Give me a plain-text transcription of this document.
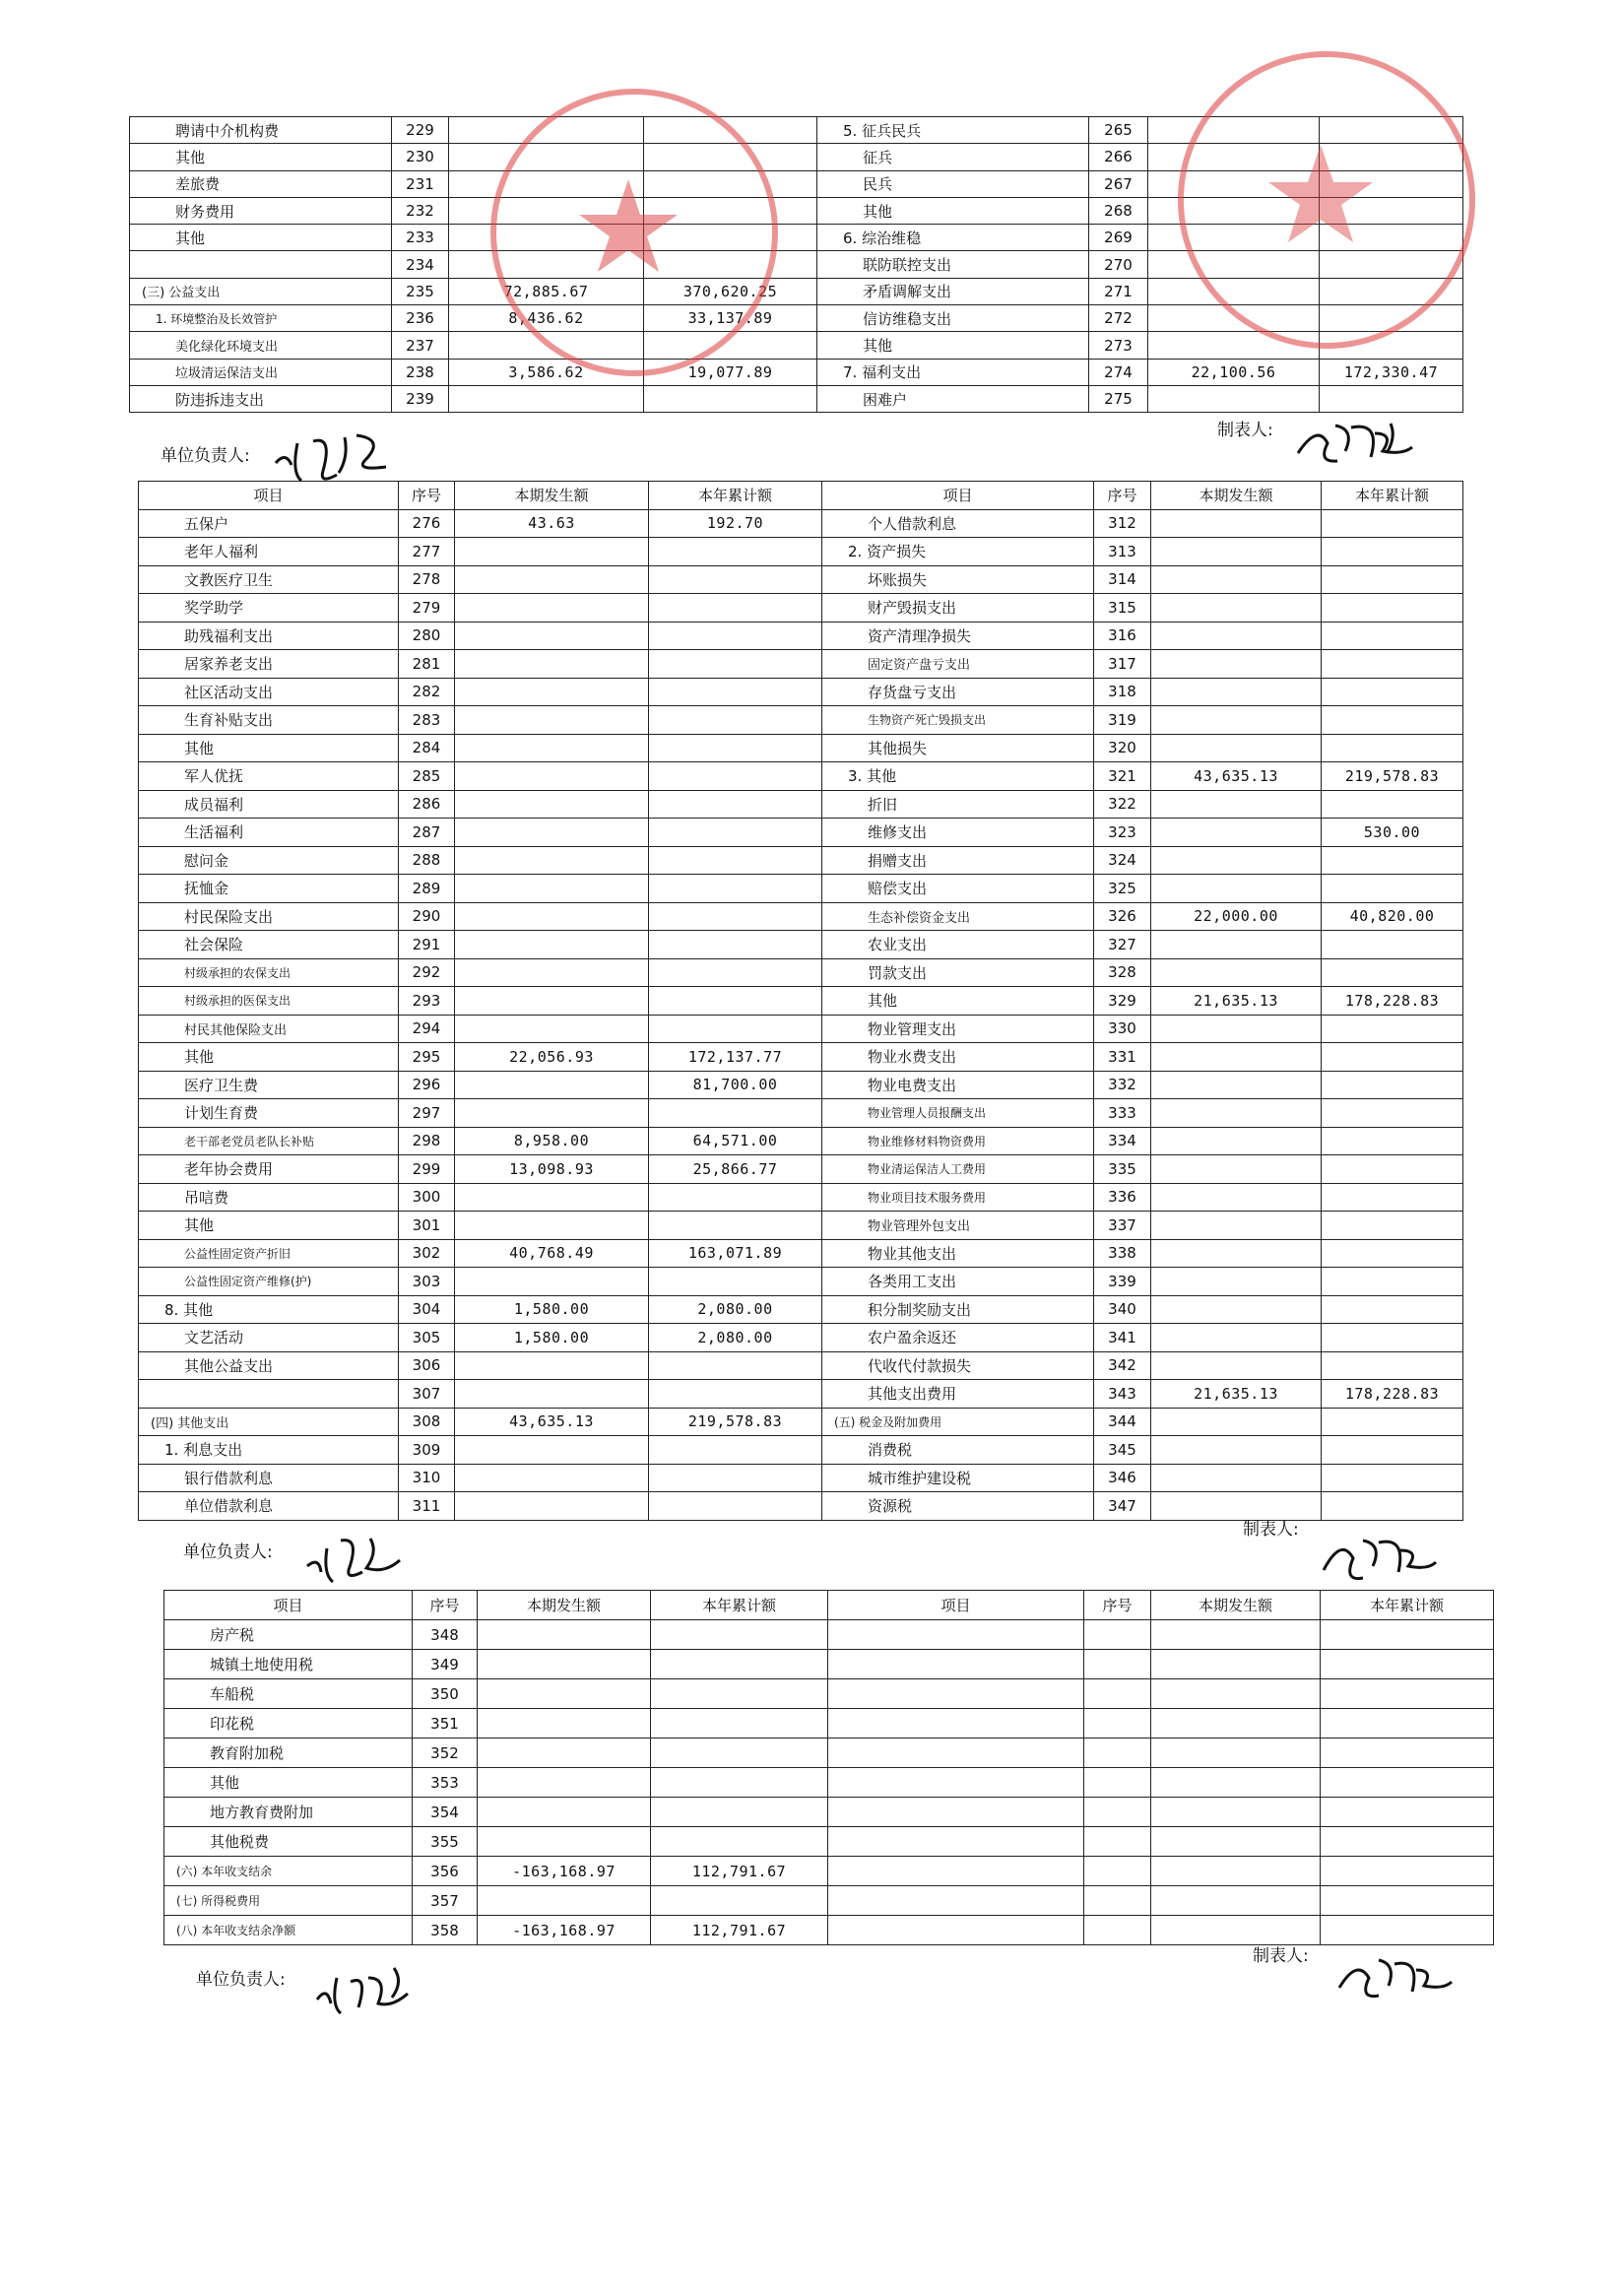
聘请中介机构费	229			5. 征兵民兵	265		
其他	230			征兵	266		
差旅费	231			民兵	267		
财务费用	232			其他	268		
其他	233			6. 综治维稳	269		
	234			联防联控支出	270		
(三) 公益支出	235	72,885.67	370,620.25	矛盾调解支出	271		
1. 环境整治及长效管护	236	8,436.62	33,137.89	信访维稳支出	272		
美化绿化环境支出	237			其他	273		
垃圾清运保洁支出	238	3,586.62	19,077.89	7. 福利支出	274	22,100.56	172,330.47
防违拆违支出	239			困难户	275		
项目	序号	本期发生额	本年累计额	项目	序号	本期发生额	本年累计额
五保户	276	43.63	192.70	个人借款利息	312		
老年人福利	277			2. 资产损失	313		
文教医疗卫生	278			坏账损失	314		
奖学助学	279			财产毁损支出	315		
助残福利支出	280			资产清理净损失	316		
居家养老支出	281			固定资产盘亏支出	317		
社区活动支出	282			存货盘亏支出	318		
生育补贴支出	283			生物资产死亡毁损支出	319		
其他	284			其他损失	320		
军人优抚	285			3. 其他	321	43,635.13	219,578.83
成员福利	286			折旧	322		
生活福利	287			维修支出	323		530.00
慰问金	288			捐赠支出	324		
抚恤金	289			赔偿支出	325		
村民保险支出	290			生态补偿资金支出	326	22,000.00	40,820.00
社会保险	291			农业支出	327		
村级承担的农保支出	292			罚款支出	328		
村级承担的医保支出	293			其他	329	21,635.13	178,228.83
村民其他保险支出	294			物业管理支出	330		
其他	295	22,056.93	172,137.77	物业水费支出	331		
医疗卫生费	296		81,700.00	物业电费支出	332		
计划生育费	297			物业管理人员报酬支出	333		
老干部老党员老队长补贴	298	8,958.00	64,571.00	物业维修材料物资费用	334		
老年协会费用	299	13,098.93	25,866.77	物业清运保洁人工费用	335		
吊唁费	300			物业项目技术服务费用	336		
其他	301			物业管理外包支出	337		
公益性固定资产折旧	302	40,768.49	163,071.89	物业其他支出	338		
公益性固定资产维修(护)	303			各类用工支出	339		
8. 其他	304	1,580.00	2,080.00	积分制奖励支出	340		
文艺活动	305	1,580.00	2,080.00	农户盈余返还	341		
其他公益支出	306			代收代付款损失	342		
	307			其他支出费用	343	21,635.13	178,228.83
(四) 其他支出	308	43,635.13	219,578.83	(五) 税金及附加费用	344		
1. 利息支出	309			消费税	345		
银行借款利息	310			城市维护建设税	346		
单位借款利息	311			资源税	347		
项目	序号	本期发生额	本年累计额	项目	序号	本期发生额	本年累计额
房产税	348						
城镇土地使用税	349						
车船税	350						
印花税	351						
教育附加税	352						
其他	353						
地方教育费附加	354						
其他税费	355						
(六) 本年收支结余	356	-163,168.97	112,791.67				
(七) 所得税费用	357						
(八) 本年收支结余净额	358	-163,168.97	112,791.67				
单位负责人:
制表人:
单位负责人:
制表人:
单位负责人:
制表人:
